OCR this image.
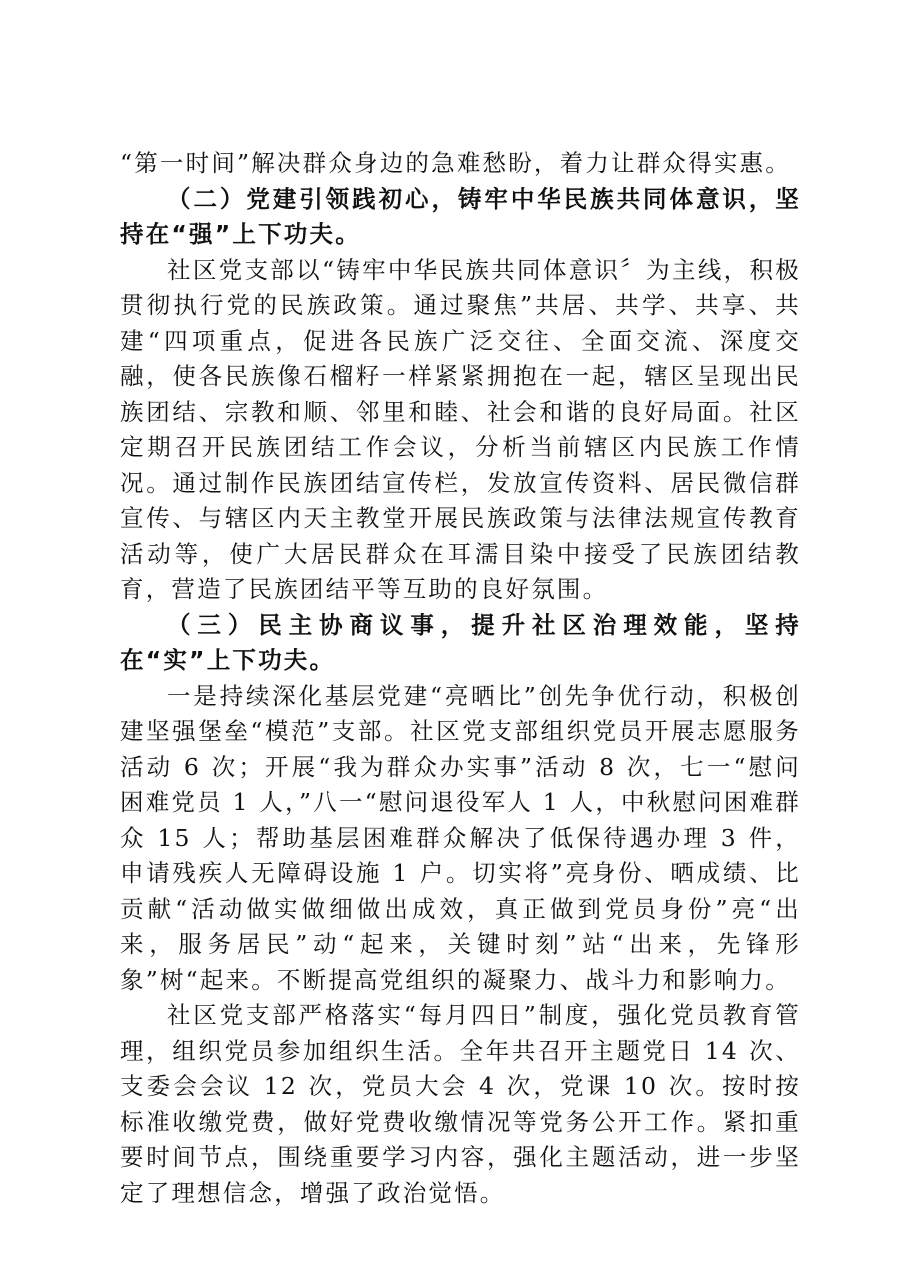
“第一时间”解决群众身边的急难愁盼，着力让群众得实惠。

（二）党建引领践初心，铸牢中华民族共同体意识，坚持在“强”上下功夫。

社区党支部以“铸牢中华民族共同体意识〞为主线，积极贯彻执行党的民族政策。通过聚焦”共居、共学、共享、共建“四项重点，促进各民族广泛交往、全面交流、深度交融，使各民族像石榴籽一样紧紧拥抱在一起，辖区呈现出民族团结、宗教和顺、邻里和睦、社会和谐的良好局面。社区定期召开民族团结工作会议，分析当前辖区内民族工作情况。通过制作民族团结宣传栏，发放宣传资料、居民微信群宣传、与辖区内天主教堂开展民族政策与法律法规宣传教育活动等，使广大居民群众在耳濡目染中接受了民族团结教育，营造了民族团结平等互助的良好氛围。

（三）民主协商议事，提升社区治理效能，坚持在“实”上下功夫。

一是持续深化基层党建“亮晒比”创先争优行动，积极创建坚强堡垒“模范”支部。社区党支部组织党员开展志愿服务活动 6 次；开展“我为群众办实事”活动 8 次，七一“慰问困难党员 1 人，”八一“慰问退役军人 1 人，中秋慰问困难群众 15 人；帮助基层困难群众解决了低保待遇办理 3 件，申请残疾人无障碍设施 1 户。切实将”亮身份、晒成绩、比贡献“活动做实做细做出成效，真正做到党员身份”亮“出来，服务居民”动“起来，关键时刻”站“出来，先锋形象”树“起来。不断提高党组织的凝聚力、战斗力和影响力。

社区党支部严格落实“每月四日”制度，强化党员教育管理，组织党员参加组织生活。全年共召开主题党日 14 次、支委会会议 12 次，党员大会 4 次，党课 10 次。按时按标准收缴党费，做好党费收缴情况等党务公开工作。紧扣重要时间节点，围绕重要学习内容，强化主题活动，进一步坚定了理想信念，增强了政治觉悟。
